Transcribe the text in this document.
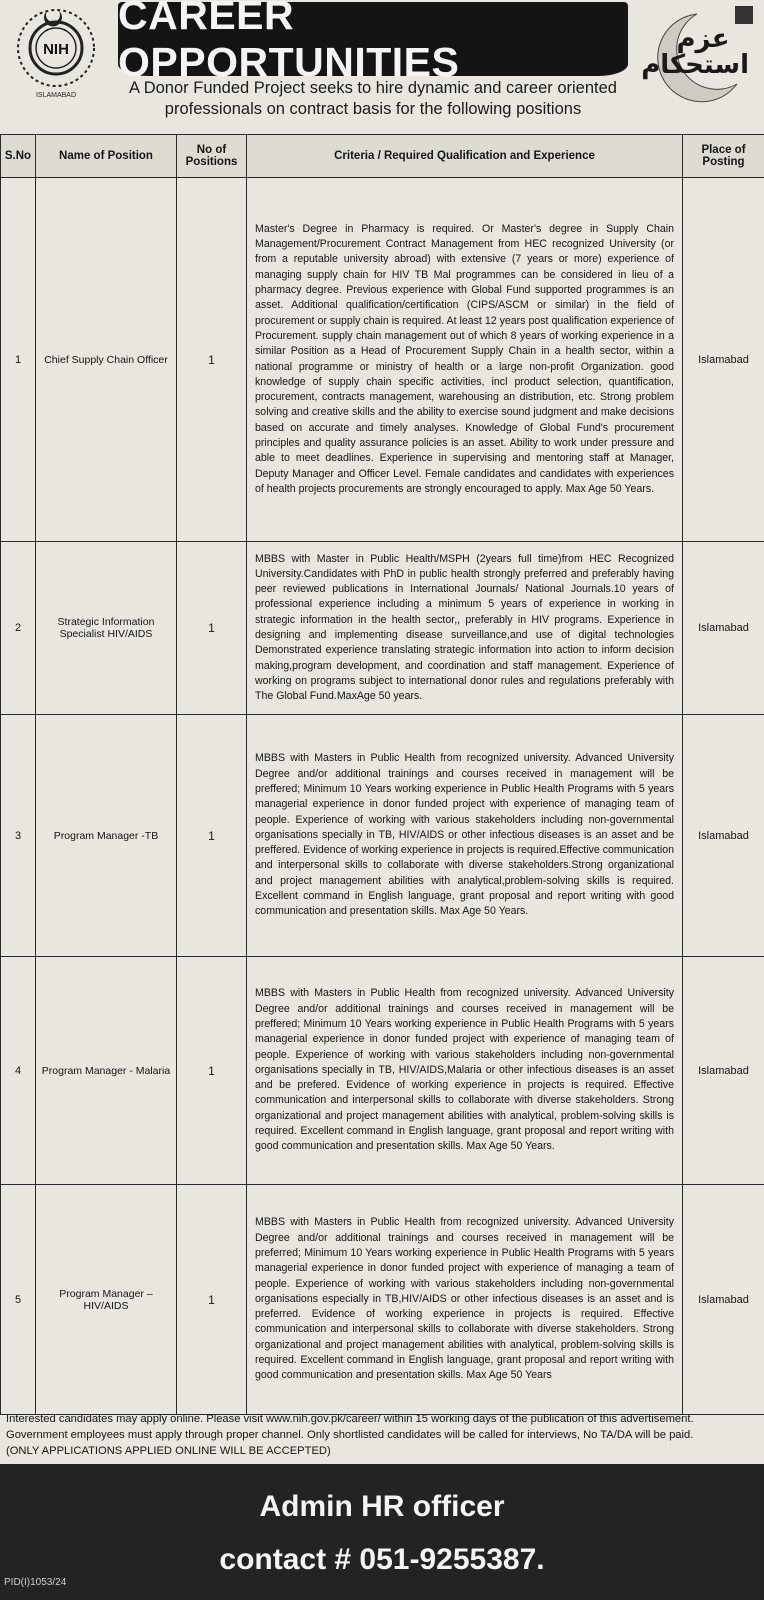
NIH
ISLAMABAD
CAREER OPPORTUNITIES
A Donor Funded Project seeks to hire dynamic and career oriented
professionals on contract basis for the following positions
عزم استحکام
S.No	Name of Position	No of Positions	Criteria / Required Qualification and Experience	Place of Posting
1	Chief Supply Chain Officer	1	Master's Degree in Pharmacy is required. Or Master's degree in Supply Chain Management/Procurement Contract Management from HEC recognized University (or from a reputable university abroad) with extensive (7 years or more) experience of managing supply chain for HIV TB Mal programmes can be considered in lieu of a pharmacy degree. Previous experience with Global Fund supported programmes is an asset. Additional qualification/certification (CIPS/ASCM or similar) in the field of procurement or supply chain is required. At least 12 years post qualification experience of Procurement. supply chain management out of which 8 years of working experience in a similar Position as a Head of Procurement Supply Chain in a health sector, within a national programme or ministry of health or a large non-profit Organization. good knowledge of supply chain specific activities, incl product selection, quantification, procurement, contracts management, warehousing an distribution, etc. Strong problem solving and creative skills and the ability to exercise sound judgment and make decisions based on accurate and timely analyses. Knowledge of Global Fund's procurement principles and quality assurance policies is an asset. Ability to work under pressure and able to meet deadlines. Experience in supervising and mentoring staff at Manager, Deputy Manager and Officer Level. Female candidates and candidates with experiences of health projects procurements are strongly encouraged to apply. Max Age 50 Years.	Islamabad
2	Strategic Information Specialist HIV/AIDS	1	MBBS with Master in Public Health/MSPH (2years full time)from HEC Recognized University.Candidates with PhD in public health strongly preferred and preferably having peer reviewed publications in International Journals/ National Journals.10 years of professional experience including a minimum 5 years of experience in working in strategic information in the health sector,, preferably in HIV programs. Experience in designing and implementing disease surveillance,and use of digital technologies Demonstrated experience translating strategic information into action to inform decision making,program development, and coordination and staff management. Experience of working on programs subject to international donor rules and regulations preferably with The Global Fund.MaxAge 50 years.	Islamabad
3	Program Manager -TB	1	MBBS with Masters in Public Health from recognized university. Advanced University Degree and/or additional trainings and courses received in management will be preffered; Minimum 10 Years working experience in Public Health Programs with 5 years managerial experience in donor funded project with experience of managing team of people. Experience of working with various stakeholders including non-governmental organisations specially in TB, HIV/AIDS or other infectious diseases is an asset and be preffered. Evidence of working experience in projects is required.Effective communication and interpersonal skills to collaborate with diverse stakeholders.Strong organizational and project management abilities with analytical,problem-solving skills is required. Excellent command in English language, grant proposal and report writing with good communication and presentation skills. Max Age 50 Years.	Islamabad
4	Program Manager - Malaria	1	MBBS with Masters in Public Health from recognized university. Advanced University Degree and/or additional trainings and courses received in management will be preffered; Minimum 10 Years working experience in Public Health Programs with 5 years managerial experience in donor funded project with experience of managing team of people. Experience of working with various stakeholders including non-governmental organisations specially in TB, HIV/AIDS,Malaria or other infectious diseases is an asset and be prefered. Evidence of working experience in projects is required. Effective communication and interpersonal skills to collaborate with diverse stakeholders. Strong organizational and project management abilities with analytical, problem-solving skills is required. Excellent command in English language, grant proposal and report writing with good communication and presentation skills. Max Age 50 Years.	Islamabad
5	Program Manager – HIV/AIDS	1	MBBS with Masters in Public Health from recognized university. Advanced University Degree and/or additional trainings and courses received in management will be preferred; Minimum 10 Years working experience in Public Health Programs with 5 years managerial experience in donor funded project with experience of managing a team of people. Experience of working with various stakeholders including non-governmental organisations especially in TB,HIV/AIDS or other infectious diseases is an asset and is preferred. Evidence of working experience in projects is required. Effective communication and interpersonal skills to collaborate with diverse stakeholders. Strong organizational and project management abilities with analytical, problem-solving skills is required. Excellent command in English language, grant proposal and report writing with good communication and presentation skills. Max Age 50 Years	Islamabad
Interested candidates may apply online. Please visit www.nih.gov.pk/career/ within 15 working days of the publication of this advertisement.
Government employees must apply through proper channel. Only shortlisted candidates will be called for interviews, No TA/DA will be paid.
(ONLY APPLICATIONS APPLIED ONLINE WILL BE ACCEPTED)
Admin HR officer
contact # 051-9255387.
PID(I)1053/24
